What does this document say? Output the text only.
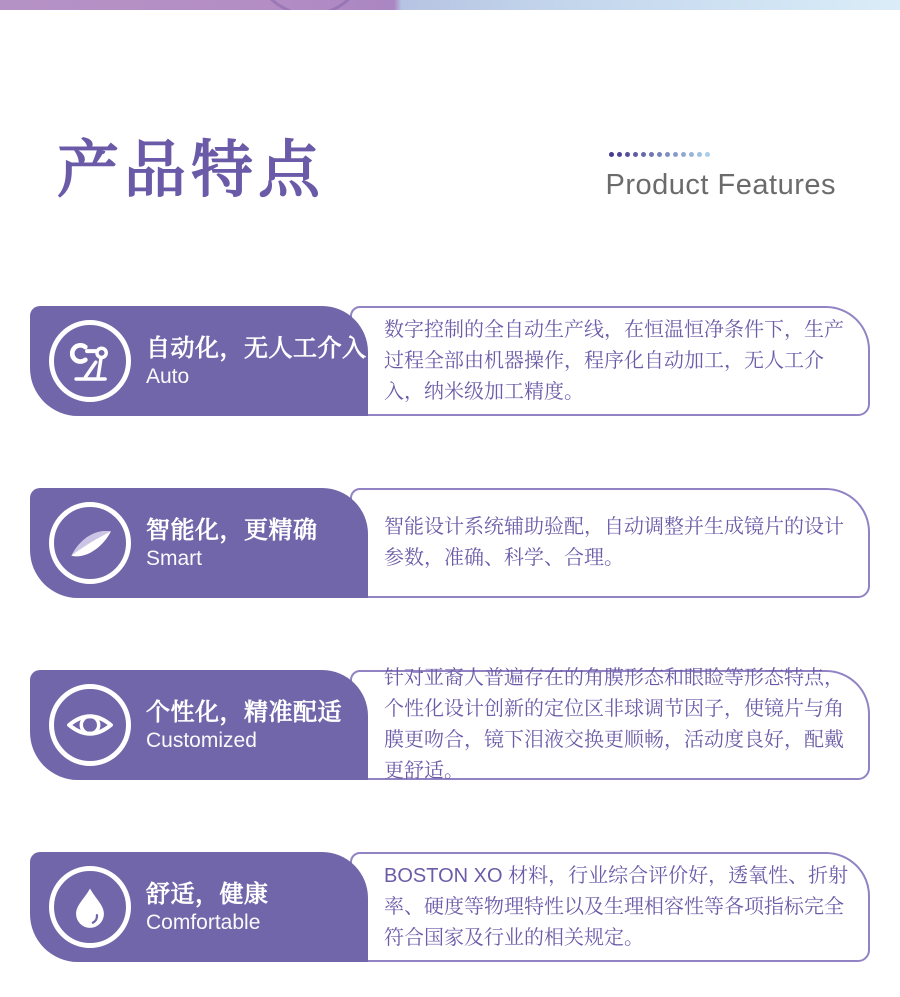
产品特点	Product Features
数字控制的全自动生产线，在恒温恒净条件下，生产过程全部由机器操作，程序化自动加工，无人工介入，纳米级加工精度。
自动化，无人工介入
Auto
智能设计系统辅助验配，自动调整并生成镜片的设计参数，准确、科学、合理。
智能化，更精确
Smart
针对亚裔人普遍存在的角膜形态和眼睑等形态特点，个性化设计创新的定位区非球调节因子，使镜片与角膜更吻合，镜下泪液交换更顺畅，活动度良好，配戴更舒适。
个性化，精准配适
Customized
BOSTON XO 材料，行业综合评价好，透氧性、折射率、硬度等物理特性以及生理相容性等各项指标完全符合国家及行业的相关规定。
舒适，健康
Comfortable
